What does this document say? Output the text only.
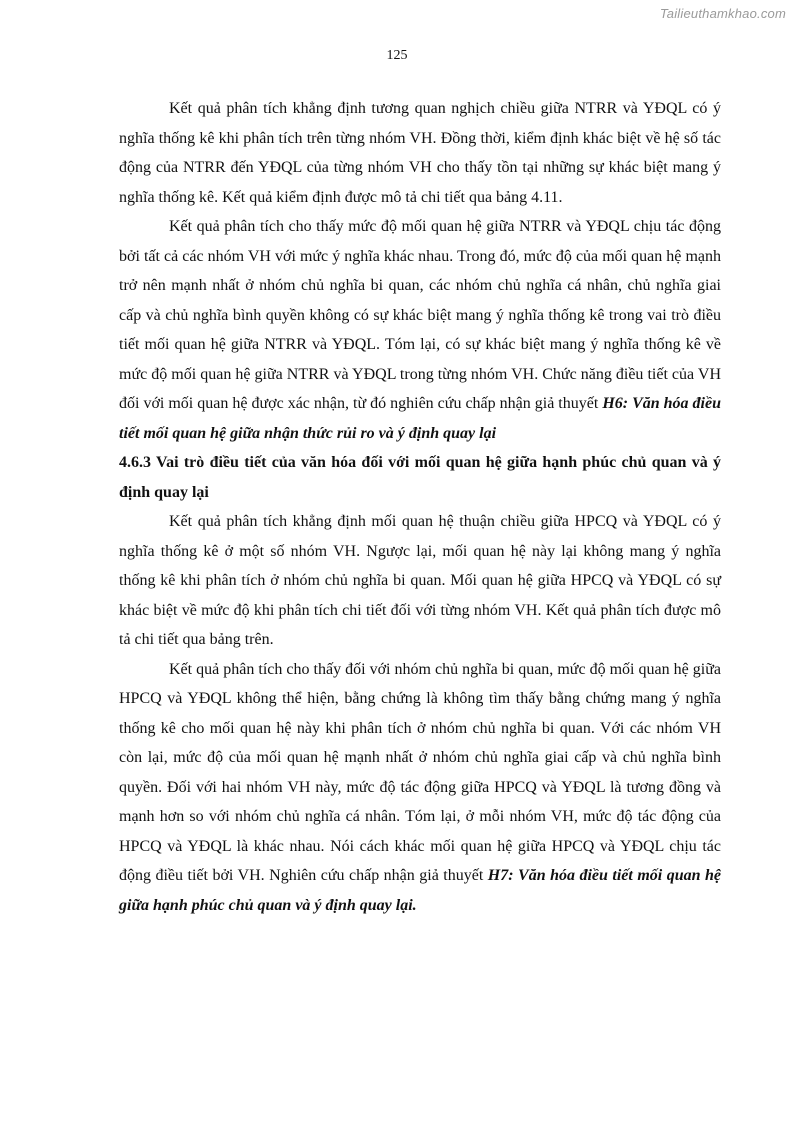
Tailieuthamkhao.com
125

Kết quả phân tích khẳng định tương quan nghịch chiều giữa NTRR và YĐQL có ý nghĩa thống kê khi phân tích trên từng nhóm VH. Đồng thời, kiểm định khác biệt về hệ số tác động của NTRR đến YĐQL của từng nhóm VH cho thấy tồn tại những sự khác biệt mang ý nghĩa thống kê. Kết quả kiểm định được mô tả chi tiết qua bảng 4.11.

Kết quả phân tích cho thấy mức độ mối quan hệ giữa NTRR và YĐQL chịu tác động bởi tất cả các nhóm VH với mức ý nghĩa khác nhau. Trong đó, mức độ của mối quan hệ mạnh trở nên mạnh nhất ở nhóm chủ nghĩa bi quan, các nhóm chủ nghĩa cá nhân, chủ nghĩa giai cấp và chủ nghĩa bình quyền không có sự khác biệt mang ý nghĩa thống kê trong vai trò điều tiết mối quan hệ giữa NTRR và YĐQL. Tóm lại, có sự khác biệt mang ý nghĩa thống kê về mức độ mối quan hệ giữa NTRR và YĐQL trong từng nhóm VH. Chức năng điều tiết của VH đối với mối quan hệ được xác nhận, từ đó nghiên cứu chấp nhận giả thuyết H6: Văn hóa điều tiết mối quan hệ giữa nhận thức rủi ro và ý định quay lại

4.6.3 Vai trò điều tiết của văn hóa đối với mối quan hệ giữa hạnh phúc chủ quan và ý định quay lại

Kết quả phân tích khẳng định mối quan hệ thuận chiều giữa HPCQ và YĐQL có ý nghĩa thống kê ở một số nhóm VH. Ngược lại, mối quan hệ này lại không mang ý nghĩa thống kê khi phân tích ở nhóm chủ nghĩa bi quan. Mối quan hệ giữa HPCQ và YĐQL có sự khác biệt về mức độ khi phân tích chi tiết đối với từng nhóm VH. Kết quả phân tích được mô tả chi tiết qua bảng trên.

Kết quả phân tích cho thấy đối với nhóm chủ nghĩa bi quan, mức độ mối quan hệ giữa HPCQ và YĐQL không thể hiện, bằng chứng là không tìm thấy bằng chứng mang ý nghĩa thống kê cho mối quan hệ này khi phân tích ở nhóm chủ nghĩa bi quan. Với các nhóm VH còn lại, mức độ của mối quan hệ mạnh nhất ở nhóm chủ nghĩa giai cấp và chủ nghĩa bình quyền. Đối với hai nhóm VH này, mức độ tác động giữa HPCQ và YĐQL là tương đồng và mạnh hơn so với nhóm chủ nghĩa cá nhân. Tóm lại, ở mỗi nhóm VH, mức độ tác động của HPCQ và YĐQL là khác nhau. Nói cách khác mối quan hệ giữa HPCQ và YĐQL chịu tác động điều tiết bởi VH. Nghiên cứu chấp nhận giả thuyết H7: Văn hóa điều tiết mối quan hệ giữa hạnh phúc chủ quan và ý định quay lại.
